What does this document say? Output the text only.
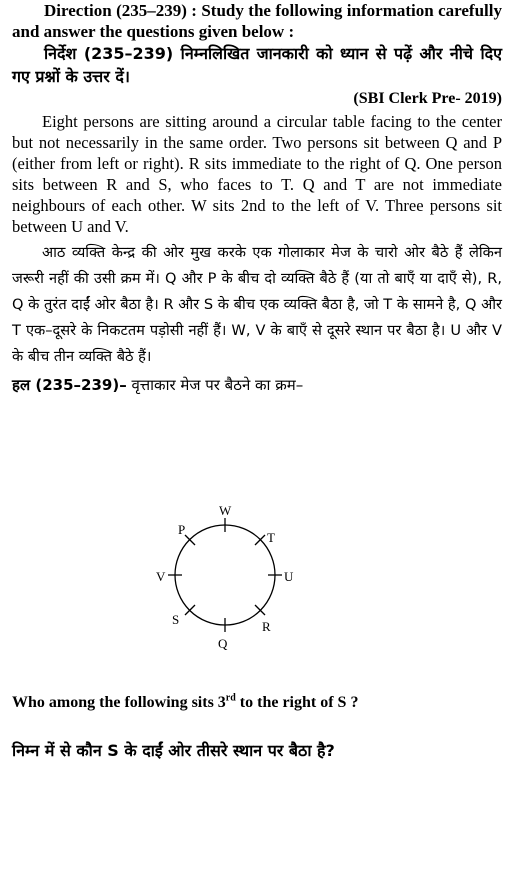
Direction (235–239) : Study the following information carefully and answer the questions given below :

निर्देश (235–239) निम्नलिखित जानकारी को ध्यान से पढ़ें और नीचे दिए गए प्रश्नों के उत्तर दें।

(SBI Clerk Pre- 2019)

Eight persons are sitting around a circular table facing to the center but not necessarily in the same order. Two persons sit between Q and P (either from left or right). R sits immediate to the right of Q. One person sits between R and S, who faces to T. Q and T are not immediate neighbours of each other. W sits 2nd to the left of V. Three persons sit between U and V.

आठ व्यक्ति केन्द्र की ओर मुख करके एक गोलाकार मेज के चारो ओर बैठे हैं लेकिन जरूरी नहीं की उसी क्रम में। Q और P के बीच दो व्यक्ति बैठे हैं (या तो बाएँ या दाएँ से), R, Q के तुरंत दाईं ओर बैठा है। R और S के बीच एक व्यक्ति बैठा है, जो T के सामने है, Q और T एक–दूसरे के निकटतम पड़ोसी नहीं हैं। W, V के बाएँ से दूसरे स्थान पर बैठा है। U और V के बीच तीन व्यक्ति बैठे हैं।

हल (235–239)– वृत्ताकार मेज पर बैठने का क्रम–

W
T
U
R
Q
S
V
P

Who among the following sits 3rd to the right of S ?

निम्न में से कौन S के दाईं ओर तीसरे स्थान पर बैठा है?
